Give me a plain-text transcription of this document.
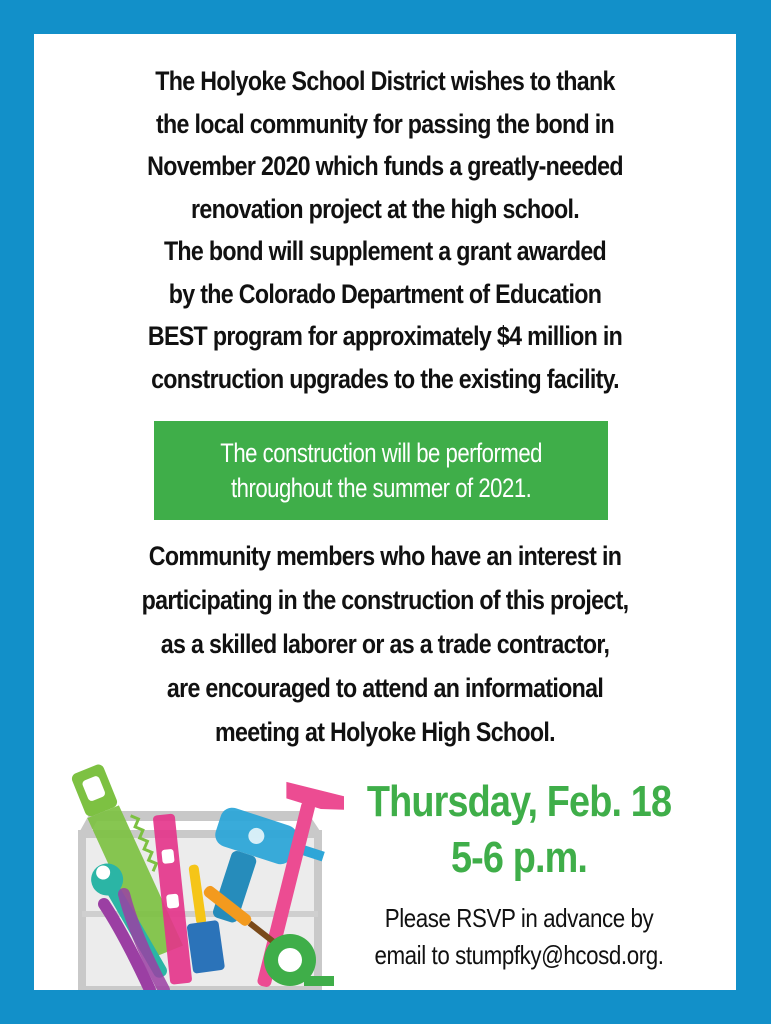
The Holyoke School District wishes to thank
the local community for passing the bond in
November 2020 which funds a greatly-needed
renovation project at the high school.
The bond will supplement a grant awarded
by the Colorado Department of Education
BEST program for approximately $4 million in
construction upgrades to the existing facility.

The construction will be performed
throughout the summer of 2021.
Community members who have an interest in
participating in the construction of this project,
as a skilled laborer or as a trade contractor,
are encouraged to attend an informational
meeting at Holyoke High School.
Thursday, Feb. 18
5-6 p.m.
Please RSVP in advance by
email to stumpfky@hcosd.org.
